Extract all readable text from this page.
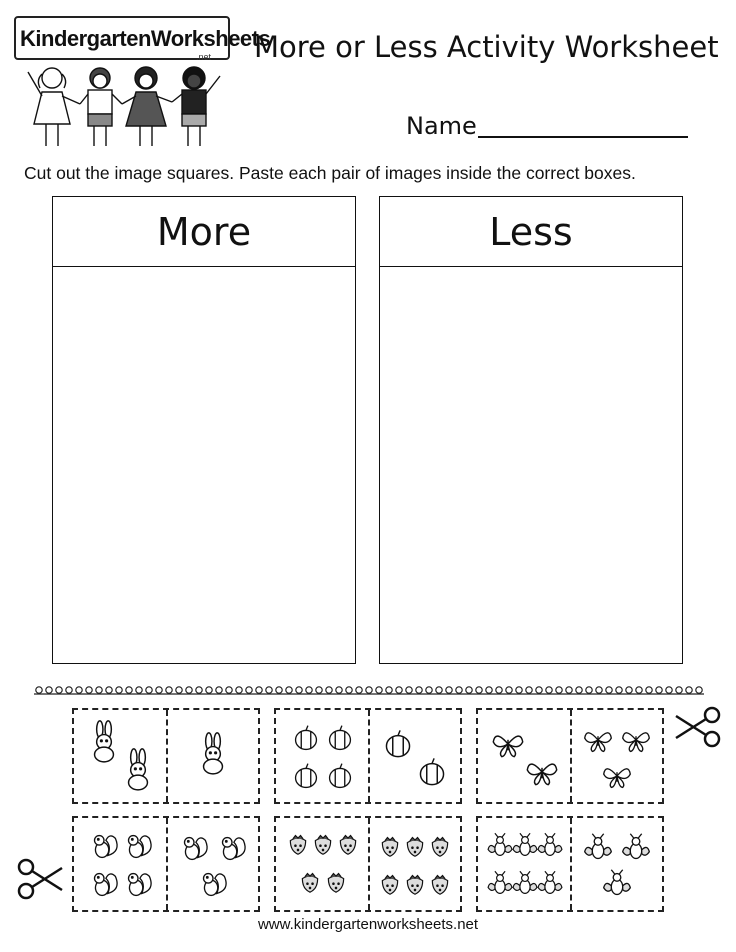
KindergartenWorksheets
.net More or Less Activity Worksheet
Name
Cut out the image squares. Paste each pair of images inside the correct boxes.
More	Less
www.kindergartenworksheets.net
